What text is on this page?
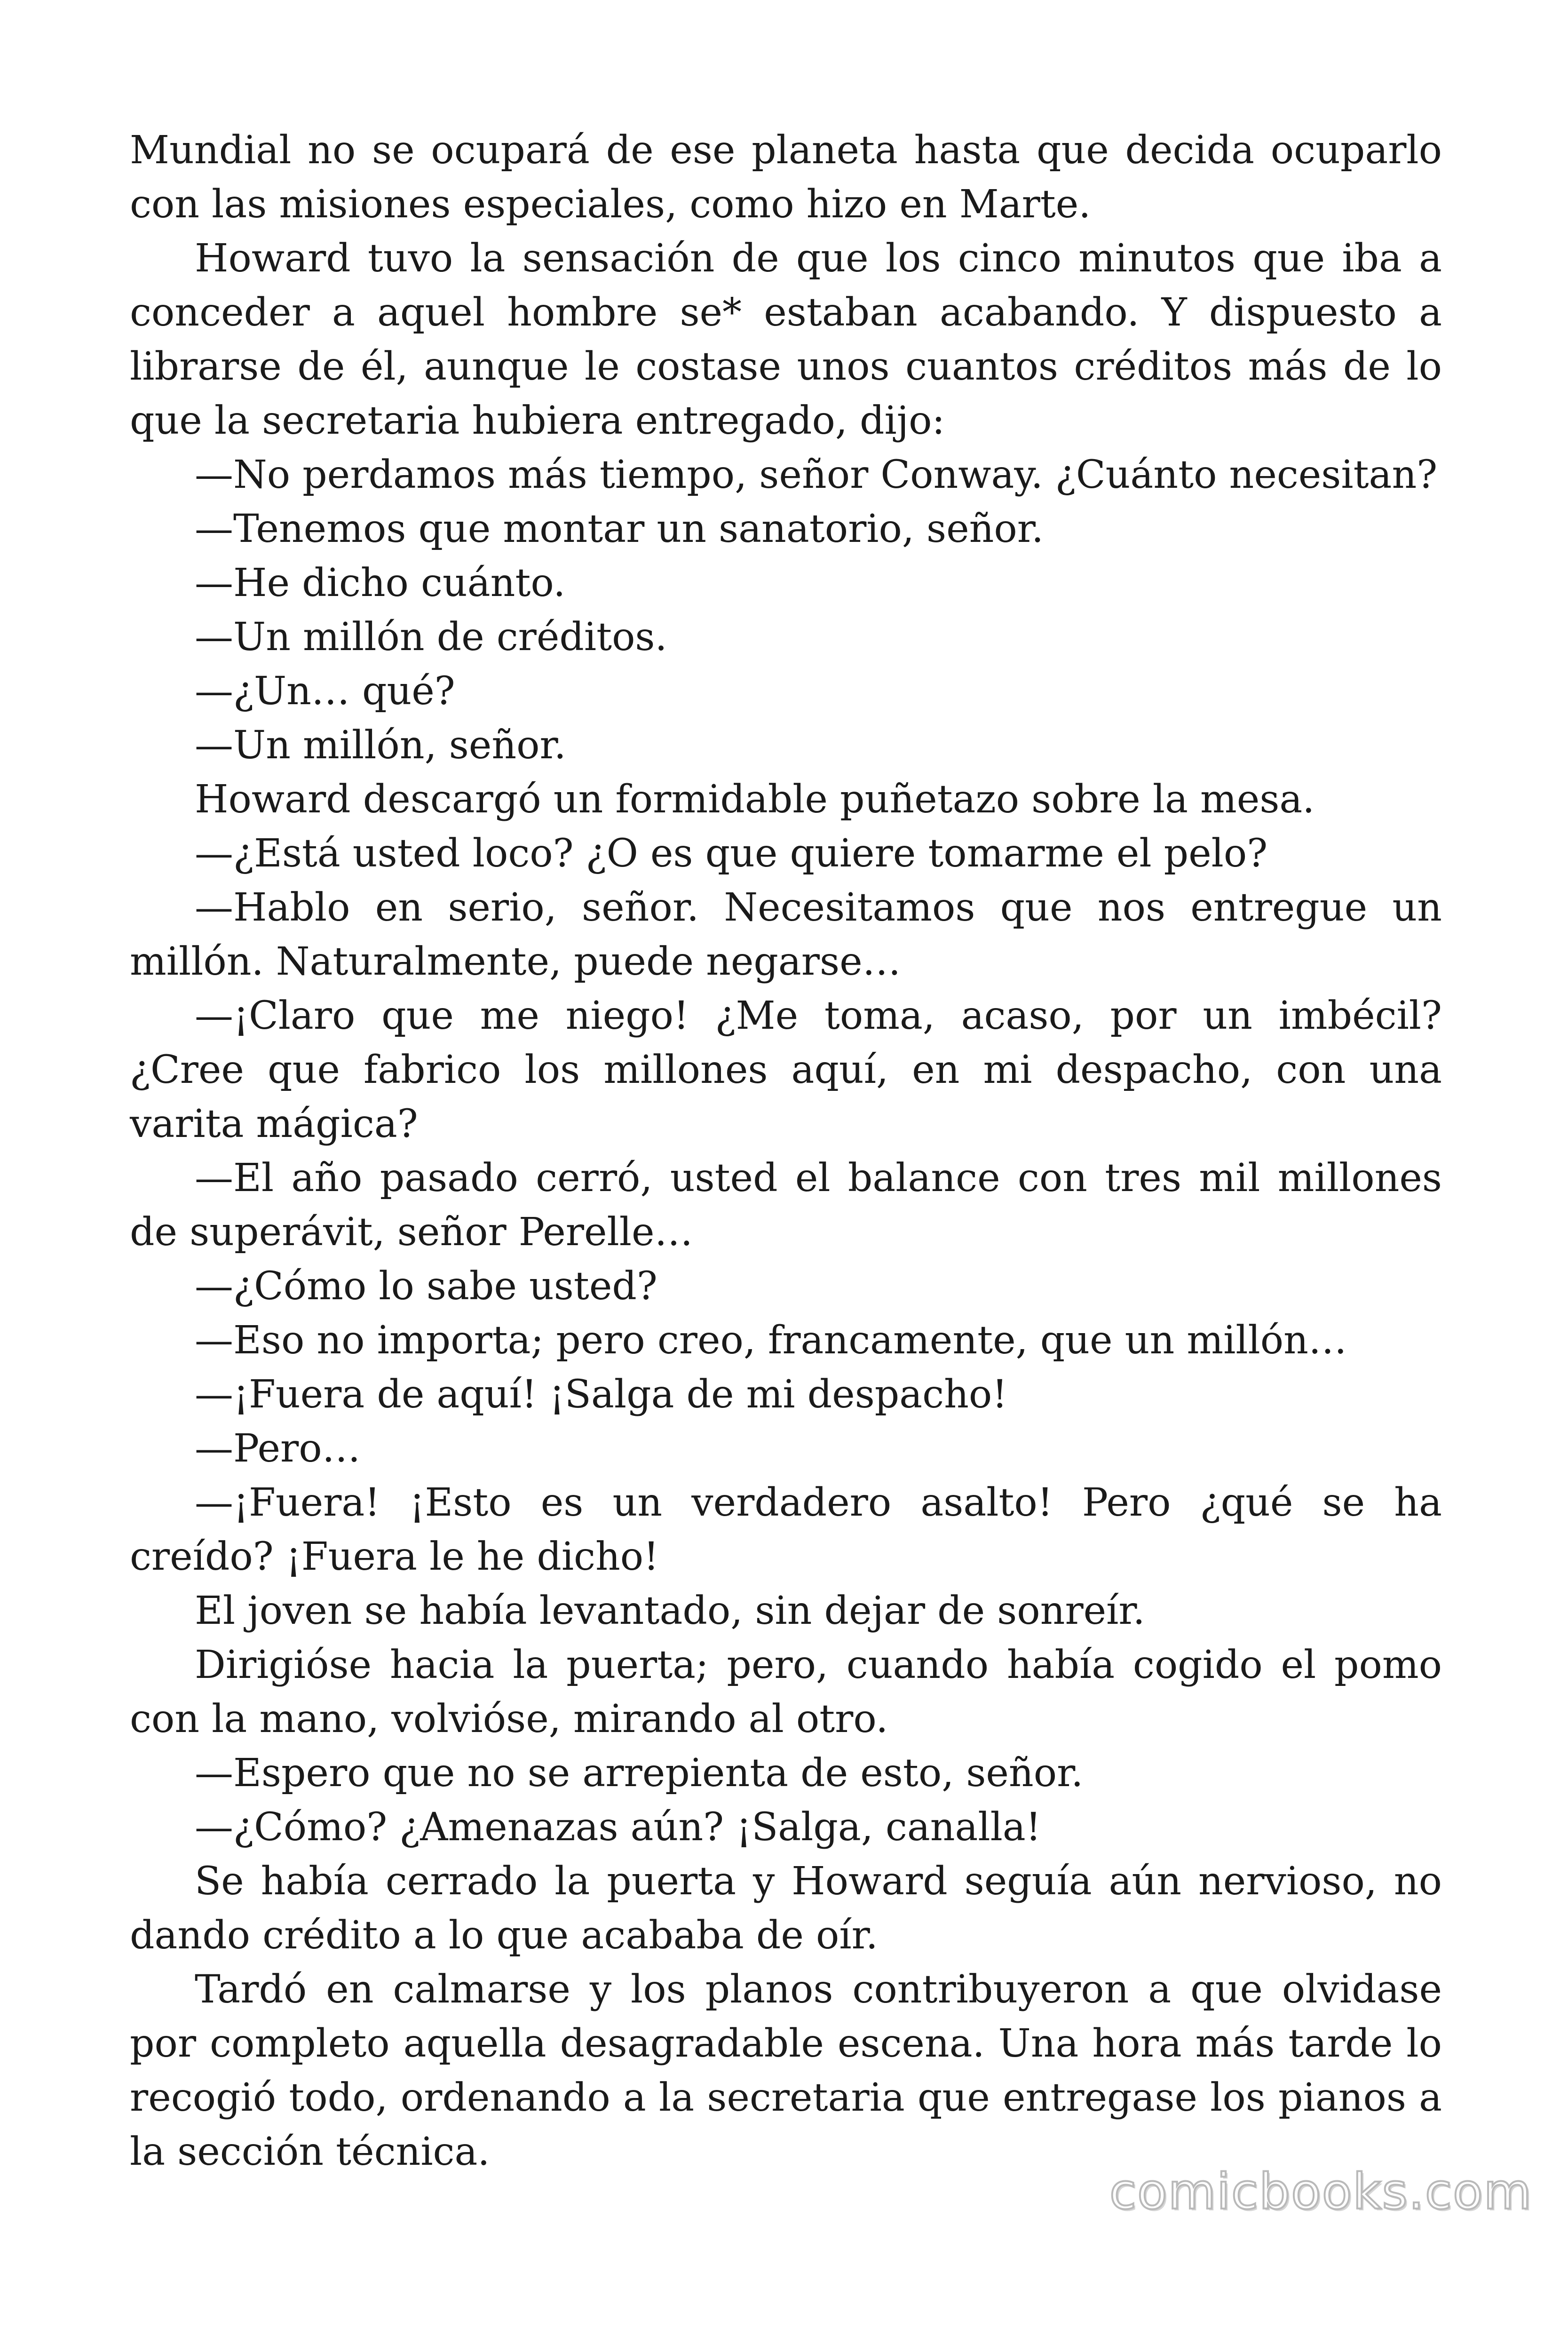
Mundial no se ocupará de ese planeta hasta que decida ocuparlo con las misiones especiales, como hizo en Marte.

Howard tuvo la sensación de que los cinco minutos que iba a conceder a aquel hombre se* estaban acabando. Y dispuesto a librarse de él, aunque le costase unos cuantos créditos más de lo que la secretaria hubiera entregado, dijo:

—No perdamos más tiempo, señor Conway. ¿Cuánto necesitan?

—Tenemos que montar un sanatorio, señor.

—He dicho cuánto.

—Un millón de créditos.

—¿Un… qué?

—Un millón, señor.

Howard descargó un formidable puñetazo sobre la mesa.

—¿Está usted loco? ¿O es que quiere tomarme el pelo?

—Hablo en serio, señor. Necesitamos que nos entregue un millón. Naturalmente, puede negarse…

—¡Claro que me niego! ¿Me toma, acaso, por un imbécil? ¿Cree que fabrico los millones aquí, en mi despacho, con una varita mágica?

—El año pasado cerró, usted el balance con tres mil millones de superávit, señor Perelle…

—¿Cómo lo sabe usted?

—Eso no importa; pero creo, francamente, que un millón…

—¡Fuera de aquí! ¡Salga de mi despacho!

—Pero…

—¡Fuera! ¡Esto es un verdadero asalto! Pero ¿qué se ha creído? ¡Fuera le he dicho!

El joven se había levantado, sin dejar de sonreír.

Dirigióse hacia la puerta; pero, cuando había cogido el pomo con la mano, volvióse, mirando al otro.

—Espero que no se arrepienta de esto, señor.

—¿Cómo? ¿Amenazas aún? ¡Salga, canalla!

Se había cerrado la puerta y Howard seguía aún nervioso, no dando crédito a lo que acababa de oír.

Tardó en calmarse y los planos contribuyeron a que olvidase por completo aquella desagradable escena. Una hora más tarde lo recogió todo, ordenando a la secretaria que entregase los pianos a la sección técnica.

comicbooks.com
